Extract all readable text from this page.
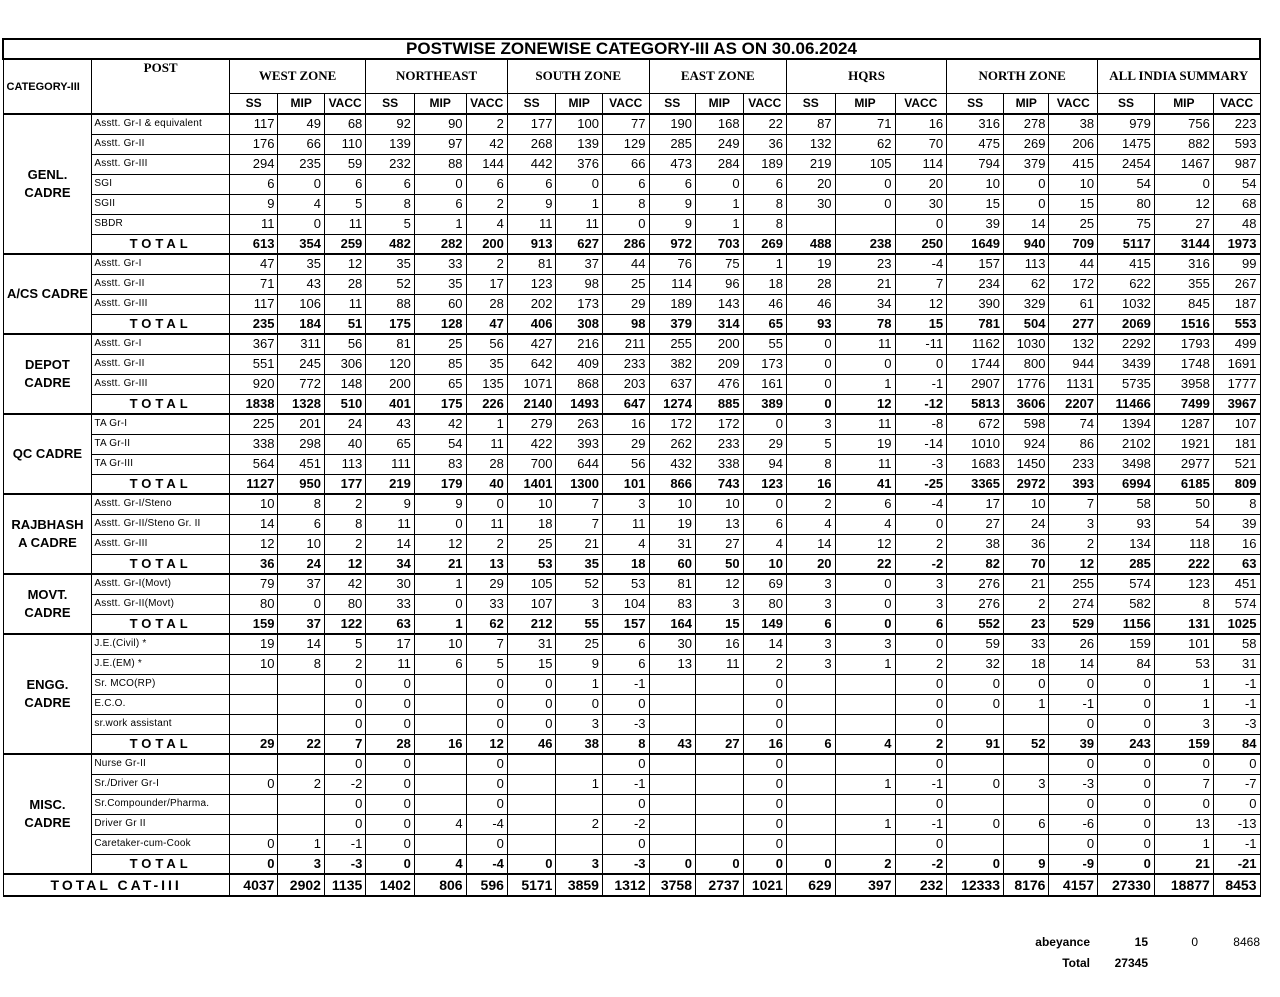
POSTWISE ZONEWISE CATEGORY-III AS ON 30.06.2024																						
CATEGORY-III	POST	WEST ZONE			NORTHEAST			SOUTH ZONE			EAST ZONE			HQRS			NORTH ZONE			ALL INDIA SUMMARY		
		SS	MIP	VACC	SS	MIP	VACC	SS	MIP	VACC	SS	MIP	VACC	SS	MIP	VACC	SS	MIP	VACC	SS	MIP	VACC
GENL. CADRE	Asstt. Gr-I & equivalent	117	49	68	92	90	2	177	100	77	190	168	22	87	71	16	316	278	38	979	756	223
	Asstt. Gr-II	176	66	110	139	97	42	268	139	129	285	249	36	132	62	70	475	269	206	1475	882	593
	Asstt. Gr-III	294	235	59	232	88	144	442	376	66	473	284	189	219	105	114	794	379	415	2454	1467	987
	SGI	6	0	6	6	0	6	6	0	6	6	0	6	20	0	20	10	0	10	54	0	54
	SGII	9	4	5	8	6	2	9	1	8	9	1	8	30	0	30	15	0	15	80	12	68
	SBDR	11	0	11	5	1	4	11	11	0	9	1	8			0	39	14	25	75	27	48
	TOTAL	613	354	259	482	282	200	913	627	286	972	703	269	488	238	250	1649	940	709	5117	3144	1973
A/CS CADRE	Asstt. Gr-I	47	35	12	35	33	2	81	37	44	76	75	1	19	23	-4	157	113	44	415	316	99
	Asstt. Gr-II	71	43	28	52	35	17	123	98	25	114	96	18	28	21	7	234	62	172	622	355	267
	Asstt. Gr-III	117	106	11	88	60	28	202	173	29	189	143	46	46	34	12	390	329	61	1032	845	187
	TOTAL	235	184	51	175	128	47	406	308	98	379	314	65	93	78	15	781	504	277	2069	1516	553
DEPOT CADRE	Asstt. Gr-I	367	311	56	81	25	56	427	216	211	255	200	55	0	11	-11	1162	1030	132	2292	1793	499
	Asstt. Gr-II	551	245	306	120	85	35	642	409	233	382	209	173	0	0	0	1744	800	944	3439	1748	1691
	Asstt. Gr-III	920	772	148	200	65	135	1071	868	203	637	476	161	0	1	-1	2907	1776	1131	5735	3958	1777
	TOTAL	1838	1328	510	401	175	226	2140	1493	647	1274	885	389	0	12	-12	5813	3606	2207	11466	7499	3967
QC CADRE	TA Gr-I	225	201	24	43	42	1	279	263	16	172	172	0	3	11	-8	672	598	74	1394	1287	107
	TA Gr-II	338	298	40	65	54	11	422	393	29	262	233	29	5	19	-14	1010	924	86	2102	1921	181
	TA Gr-III	564	451	113	111	83	28	700	644	56	432	338	94	8	11	-3	1683	1450	233	3498	2977	521
	TOTAL	1127	950	177	219	179	40	1401	1300	101	866	743	123	16	41	-25	3365	2972	393	6994	6185	809
RAJBHASH A CADRE	Asstt. Gr-I/Steno	10	8	2	9	9	0	10	7	3	10	10	0	2	6	-4	17	10	7	58	50	8
	Asstt. Gr-II/Steno Gr. II	14	6	8	11	0	11	18	7	11	19	13	6	4	4	0	27	24	3	93	54	39
	Asstt. Gr-III	12	10	2	14	12	2	25	21	4	31	27	4	14	12	2	38	36	2	134	118	16
	TOTAL	36	24	12	34	21	13	53	35	18	60	50	10	20	22	-2	82	70	12	285	222	63
MOVT. CADRE	Asstt. Gr-I(Movt)	79	37	42	30	1	29	105	52	53	81	12	69	3	0	3	276	21	255	574	123	451
	Asstt. Gr-II(Movt)	80	0	80	33	0	33	107	3	104	83	3	80	3	0	3	276	2	274	582	8	574
	TOTAL	159	37	122	63	1	62	212	55	157	164	15	149	6	0	6	552	23	529	1156	131	1025
ENGG. CADRE	J.E.(Civil) *	19	14	5	17	10	7	31	25	6	30	16	14	3	3	0	59	33	26	159	101	58
	J.E.(EM) *	10	8	2	11	6	5	15	9	6	13	11	2	3	1	2	32	18	14	84	53	31
	Sr. MCO(RP)			0	0		0	0	1	-1			0			0	0	0	0	0	1	-1
	E.C.O.			0	0		0	0	0	0			0			0	0	1	-1	0	1	-1
	sr.work assistant			0	0		0	0	3	-3			0			0			0	0	3	-3
	TOTAL	29	22	7	28	16	12	46	38	8	43	27	16	6	4	2	91	52	39	243	159	84
MISC. CADRE	Nurse Gr-II			0	0		0			0			0			0			0	0	0	0
	Sr./Driver Gr-I	0	2	-2	0		0		1	-1			0		1	-1	0	3	-3	0	7	-7
	Sr.Compounder/Pharma.			0	0		0			0			0			0			0	0	0	0
	Driver Gr II			0	0	4	-4		2	-2			0		1	-1	0	6	-6	0	13	-13
	Caretaker-cum-Cook	0	1	-1	0		0			0			0			0			0	0	1	-1
	TOTAL	0	3	-3	0	4	-4	0	3	-3	0	0	0	0	2	-2	0	9	-9	0	21	-21
TOTAL CAT-III		4037	2902	1135	1402	806	596	5171	3859	1312	3758	2737	1021	629	397	232	12333	8176	4157	27330	18877	8453
abeyance	15	0	8468
Total 27345
